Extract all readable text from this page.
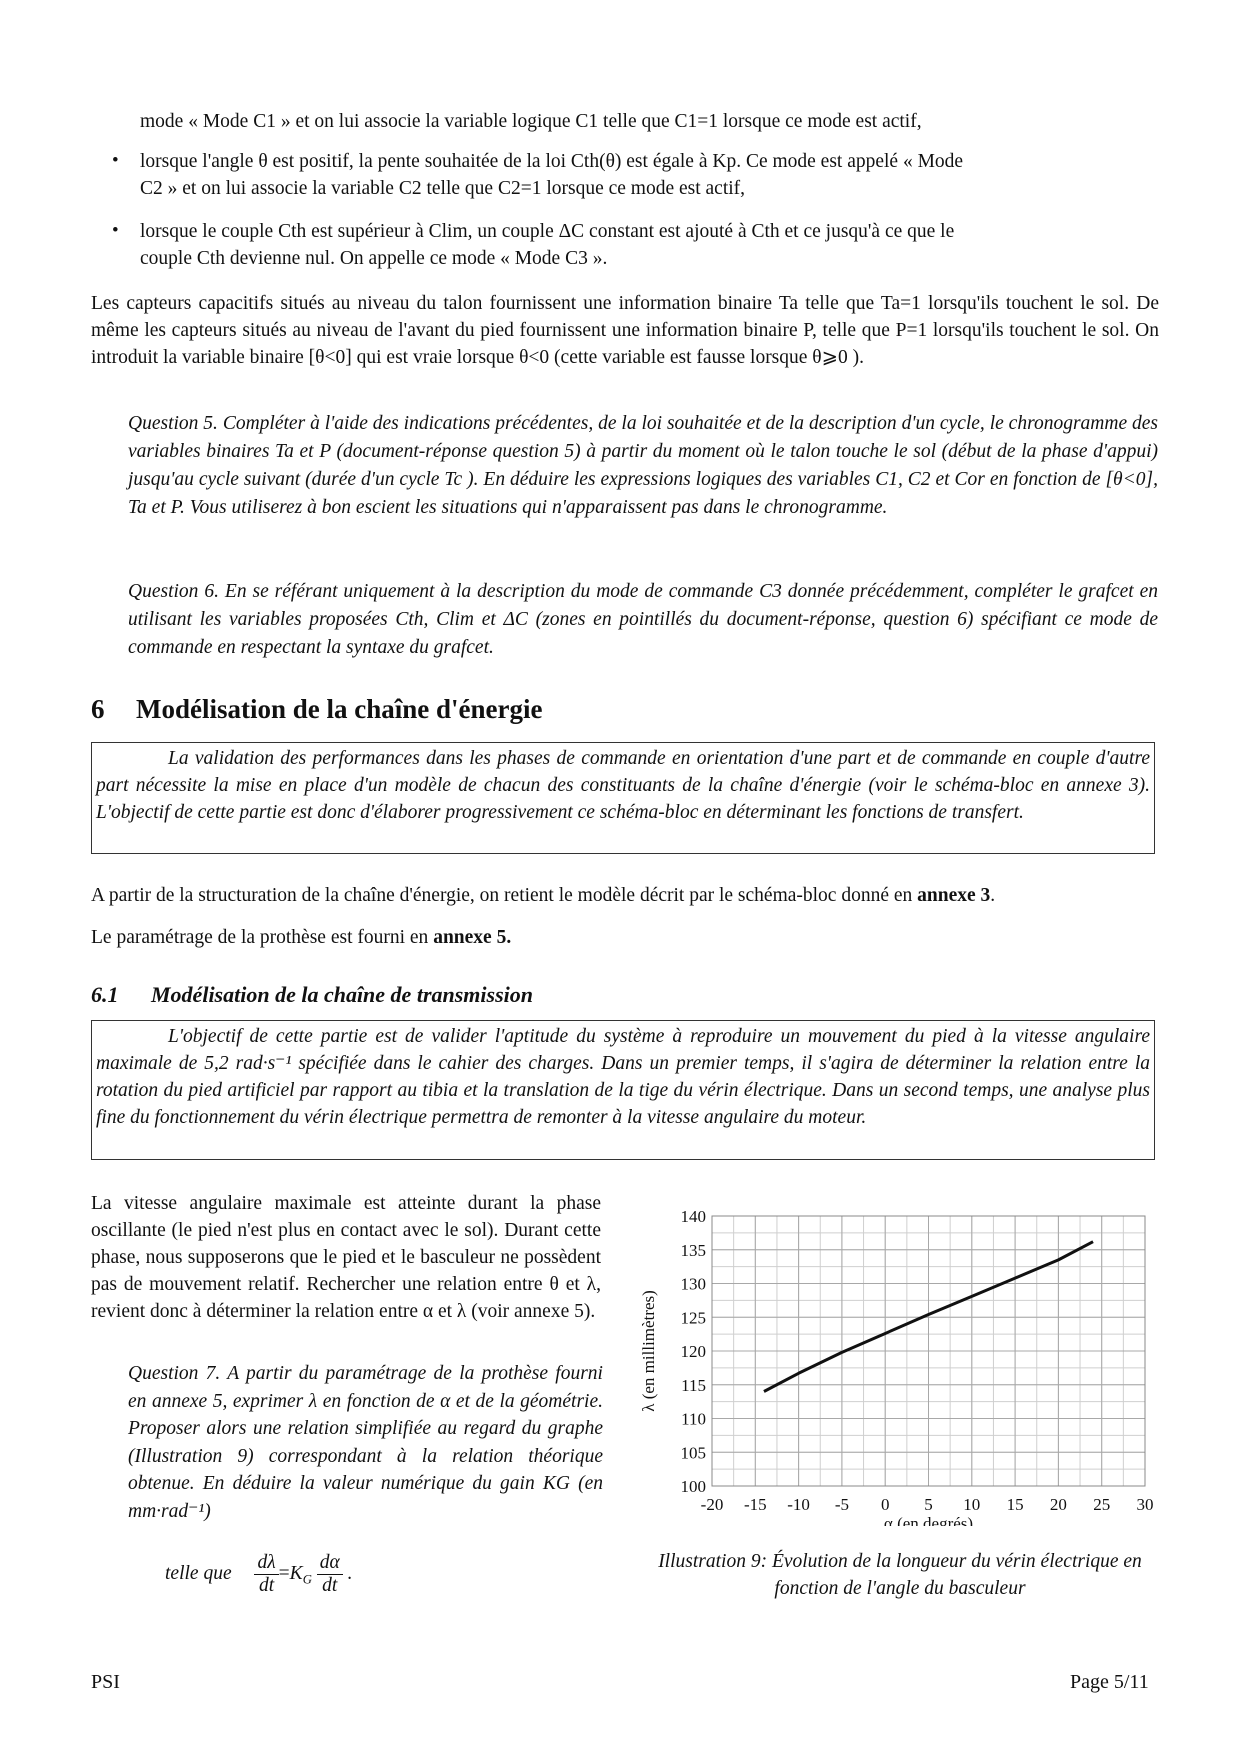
mode « Mode C1 » et on lui associe la variable logique C1 telle que C1=1 lorsque ce mode est actif,
• lorsque l'angle θ est positif, la pente souhaitée de la loi Cth(θ) est égale à Kp. Ce mode est appelé « Mode
C2 » et on lui associe la variable C2 telle que C2=1 lorsque ce mode est actif,
• lorsque le couple Cth est supérieur à Clim, un couple ΔC constant est ajouté à Cth et ce jusqu'à ce que le
couple Cth devienne nul. On appelle ce mode « Mode C3 ».
Les capteurs capacitifs situés au niveau du talon fournissent une information binaire Ta telle que Ta=1 lorsqu'ils touchent le sol. De même les capteurs situés au niveau de l'avant du pied fournissent une information binaire P, telle que P=1 lorsqu'ils touchent le sol. On introduit la variable binaire [θ<0] qui est vraie lorsque θ<0 (cette variable est fausse lorsque θ⩾0 ).
Question 5. Compléter à l'aide des indications précédentes, de la loi souhaitée et de la description d'un cycle, le chronogramme des variables binaires Ta et P (document-réponse question 5) à partir du moment où le talon touche le sol (début de la phase d'appui) jusqu'au cycle suivant (durée d'un cycle Tc ). En déduire les expressions logiques des variables C1, C2 et Cor en fonction de [θ<0], Ta et P. Vous utiliserez à bon escient les situations qui n'apparaissent pas dans le chronogramme.
Question 6. En se référant uniquement à la description du mode de commande C3 donnée précédemment, compléter le grafcet en utilisant les variables proposées Cth, Clim et ΔC (zones en pointillés du document-réponse, question 6) spécifiant ce mode de commande en respectant la syntaxe du grafcet.
6 Modélisation de la chaîne d'énergie
La validation des performances dans les phases de commande en orientation d'une part et de commande en couple d'autre part nécessite la mise en place d'un modèle de chacun des constituants de la chaîne d'énergie (voir le schéma-bloc en annexe 3). L'objectif de cette partie est donc d'élaborer progressivement ce schéma-bloc en déterminant les fonctions de transfert.
A partir de la structuration de la chaîne d'énergie, on retient le modèle décrit par le schéma-bloc donné en annexe 3.
Le paramétrage de la prothèse est fourni en annexe 5.
6.1 Modélisation de la chaîne de transmission
L'objectif de cette partie est de valider l'aptitude du système à reproduire un mouvement du pied à la vitesse angulaire maximale de 5,2 rad·s⁻¹ spécifiée dans le cahier des charges. Dans un premier temps, il s'agira de déterminer la relation entre la rotation du pied artificiel par rapport au tibia et la translation de la tige du vérin électrique. Dans un second temps, une analyse plus fine du fonctionnement du vérin électrique permettra de remonter à la vitesse angulaire du moteur.
La vitesse angulaire maximale est atteinte durant la phase oscillante (le pied n'est plus en contact avec le sol). Durant cette phase, nous supposerons que le pied et le basculeur ne possèdent pas de mouvement relatif. Rechercher une relation entre θ et λ, revient donc à déterminer la relation entre α et λ (voir annexe 5).
Question 7. A partir du paramétrage de la prothèse fourni en annexe 5, exprimer λ en fonction de α et de la géométrie. Proposer alors une relation simplifiée au regard du graphe (Illustration 9) correspondant à la relation théorique obtenue. En déduire la valeur numérique du gain KG (en mm·rad⁻¹)
telle que $\frac{d\lambda}{dt} =K_G \frac{d\alpha}{dt}$ .
-20 -15 -10 -5 0 5 10 15 20 25 30
100
105
110
115
120
125
130
135
140
α (en degrés)
λ (en millimètres)
Illustration 9: Évolution de la longueur du vérin électrique en fonction de l'angle du basculeur
PSI	Page 5/11
